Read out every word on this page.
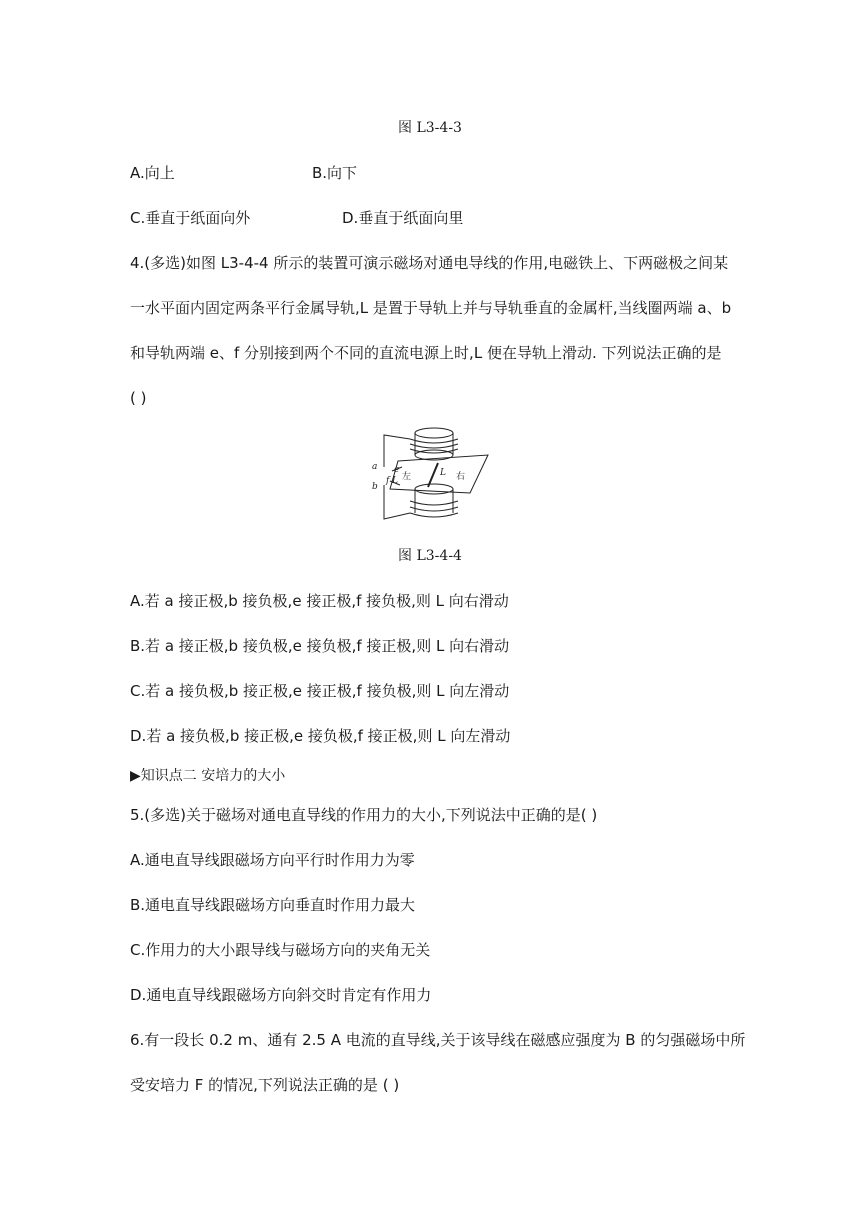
图 L3-4-3
A.向上	B.向下
C.垂直于纸面向外	D.垂直于纸面向里
4.(多选)如图 L3-4-4 所示的装置可演示磁场对通电导线的作用,电磁铁上、下两磁极之间某
一水平面内固定两条平行金属导轨,L 是置于导轨上并与导轨垂直的金属杆,当线圈两端 a、b
和导轨两端 e、f 分别接到两个不同的直流电源上时,L 便在导轨上滑动. 下列说法正确的是
( )
a
b
e
f L 左	L 右
图 L3-4-4
A.若 a 接正极,b 接负极,e 接正极,f 接负极,则 L 向右滑动
B.若 a 接正极,b 接负极,e 接负极,f 接正极,则 L 向右滑动
C.若 a 接负极,b 接正极,e 接正极,f 接负极,则 L 向左滑动
D.若 a 接负极,b 接正极,e 接负极,f 接正极,则 L 向左滑动
▶知识点二 安培力的大小
5.(多选)关于磁场对通电直导线的作用力的大小,下列说法中正确的是( )
A.通电直导线跟磁场方向平行时作用力为零
B.通电直导线跟磁场方向垂直时作用力最大
C.作用力的大小跟导线与磁场方向的夹角无关
D.通电直导线跟磁场方向斜交时肯定有作用力
6.有一段长 0.2 m、通有 2.5 A 电流的直导线,关于该导线在磁感应强度为 B 的匀强磁场中所
受安培力 F 的情况,下列说法正确的是 ( )
